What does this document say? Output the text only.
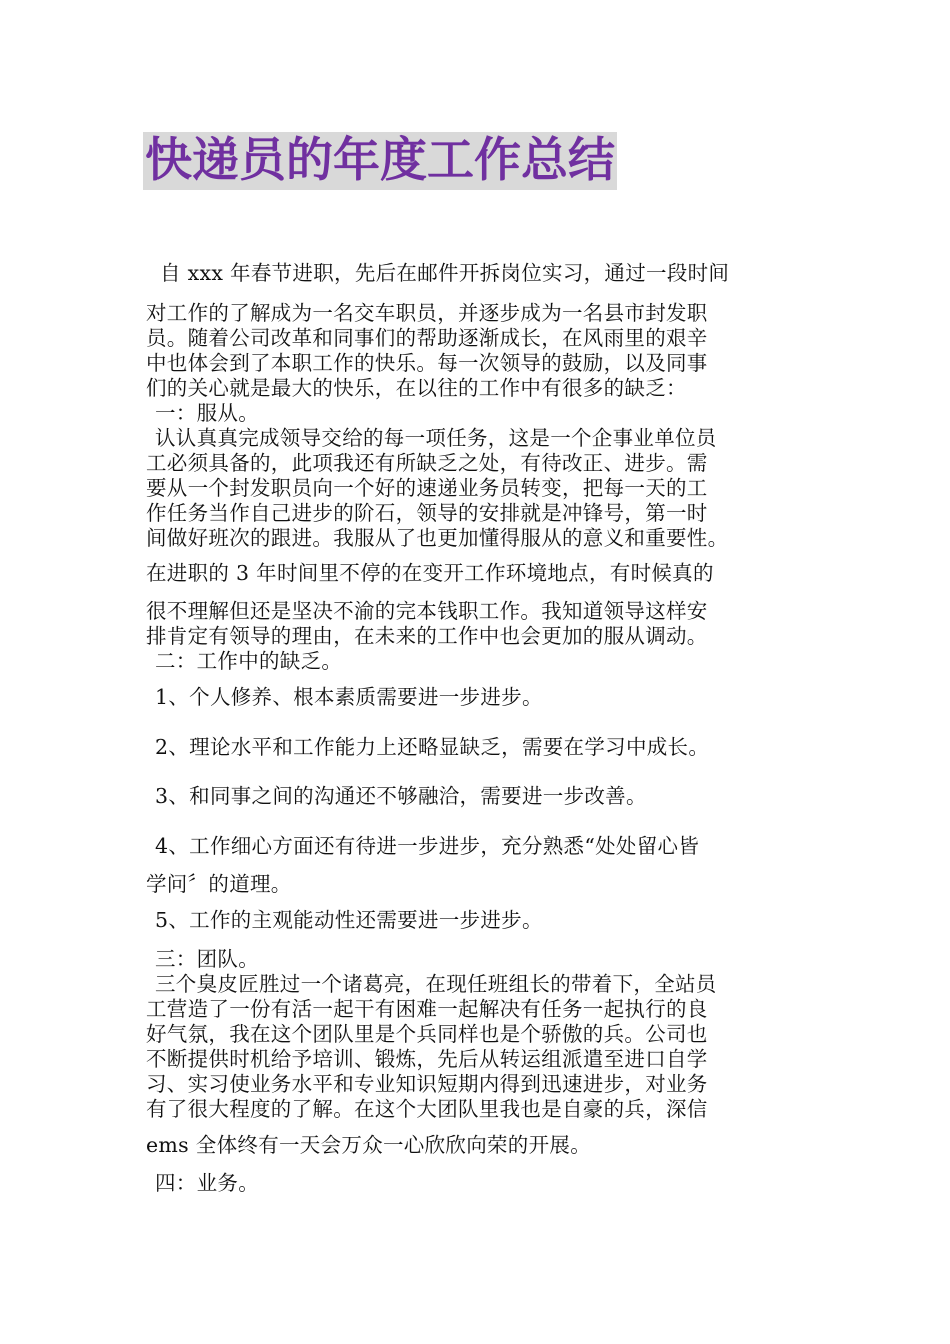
快递员的年度工作总结
自 xxx 年春节进职，先后在邮件开拆岗位实习，通过一段时间
对工作的了解成为一名交车职员，并逐步成为一名县市封发职
员。随着公司改革和同事们的帮助逐渐成长，在风雨里的艰辛
中也体会到了本职工作的快乐。每一次领导的鼓励，以及同事
们的关心就是最大的快乐，在以往的工作中有很多的缺乏：
一：服从。
认认真真完成领导交给的每一项任务，这是一个企事业单位员
工必须具备的，此项我还有所缺乏之处，有待改正、进步。需
要从一个封发职员向一个好的速递业务员转变，把每一天的工
作任务当作自己进步的阶石，领导的安排就是冲锋号，第一时
间做好班次的跟进。我服从了也更加懂得服从的意义和重要性。
在进职的 3 年时间里不停的在变开工作环境地点，有时候真的
很不理解但还是坚决不渝的完本钱职工作。我知道领导这样安
排肯定有领导的理由，在未来的工作中也会更加的服从调动。
二：工作中的缺乏。
1、个人修养、根本素质需要进一步进步。
2、理论水平和工作能力上还略显缺乏，需要在学习中成长。
3、和同事之间的沟通还不够融洽，需要进一步改善。
4、工作细心方面还有待进一步进步，充分熟悉“处处留心皆
学问〞的道理。
5、工作的主观能动性还需要进一步进步。
三：团队。
三个臭皮匠胜过一个诸葛亮，在现任班组长的带着下，全站员
工营造了一份有活一起干有困难一起解决有任务一起执行的良
好气氛，我在这个团队里是个兵同样也是个骄傲的兵。公司也
不断提供时机给予培训、锻炼，先后从转运组派遣至进口自学
习、实习使业务水平和专业知识短期内得到迅速进步，对业务
有了很大程度的了解。在这个大团队里我也是自豪的兵，深信
ems 全体终有一天会万众一心欣欣向荣的开展。
四：业务。
